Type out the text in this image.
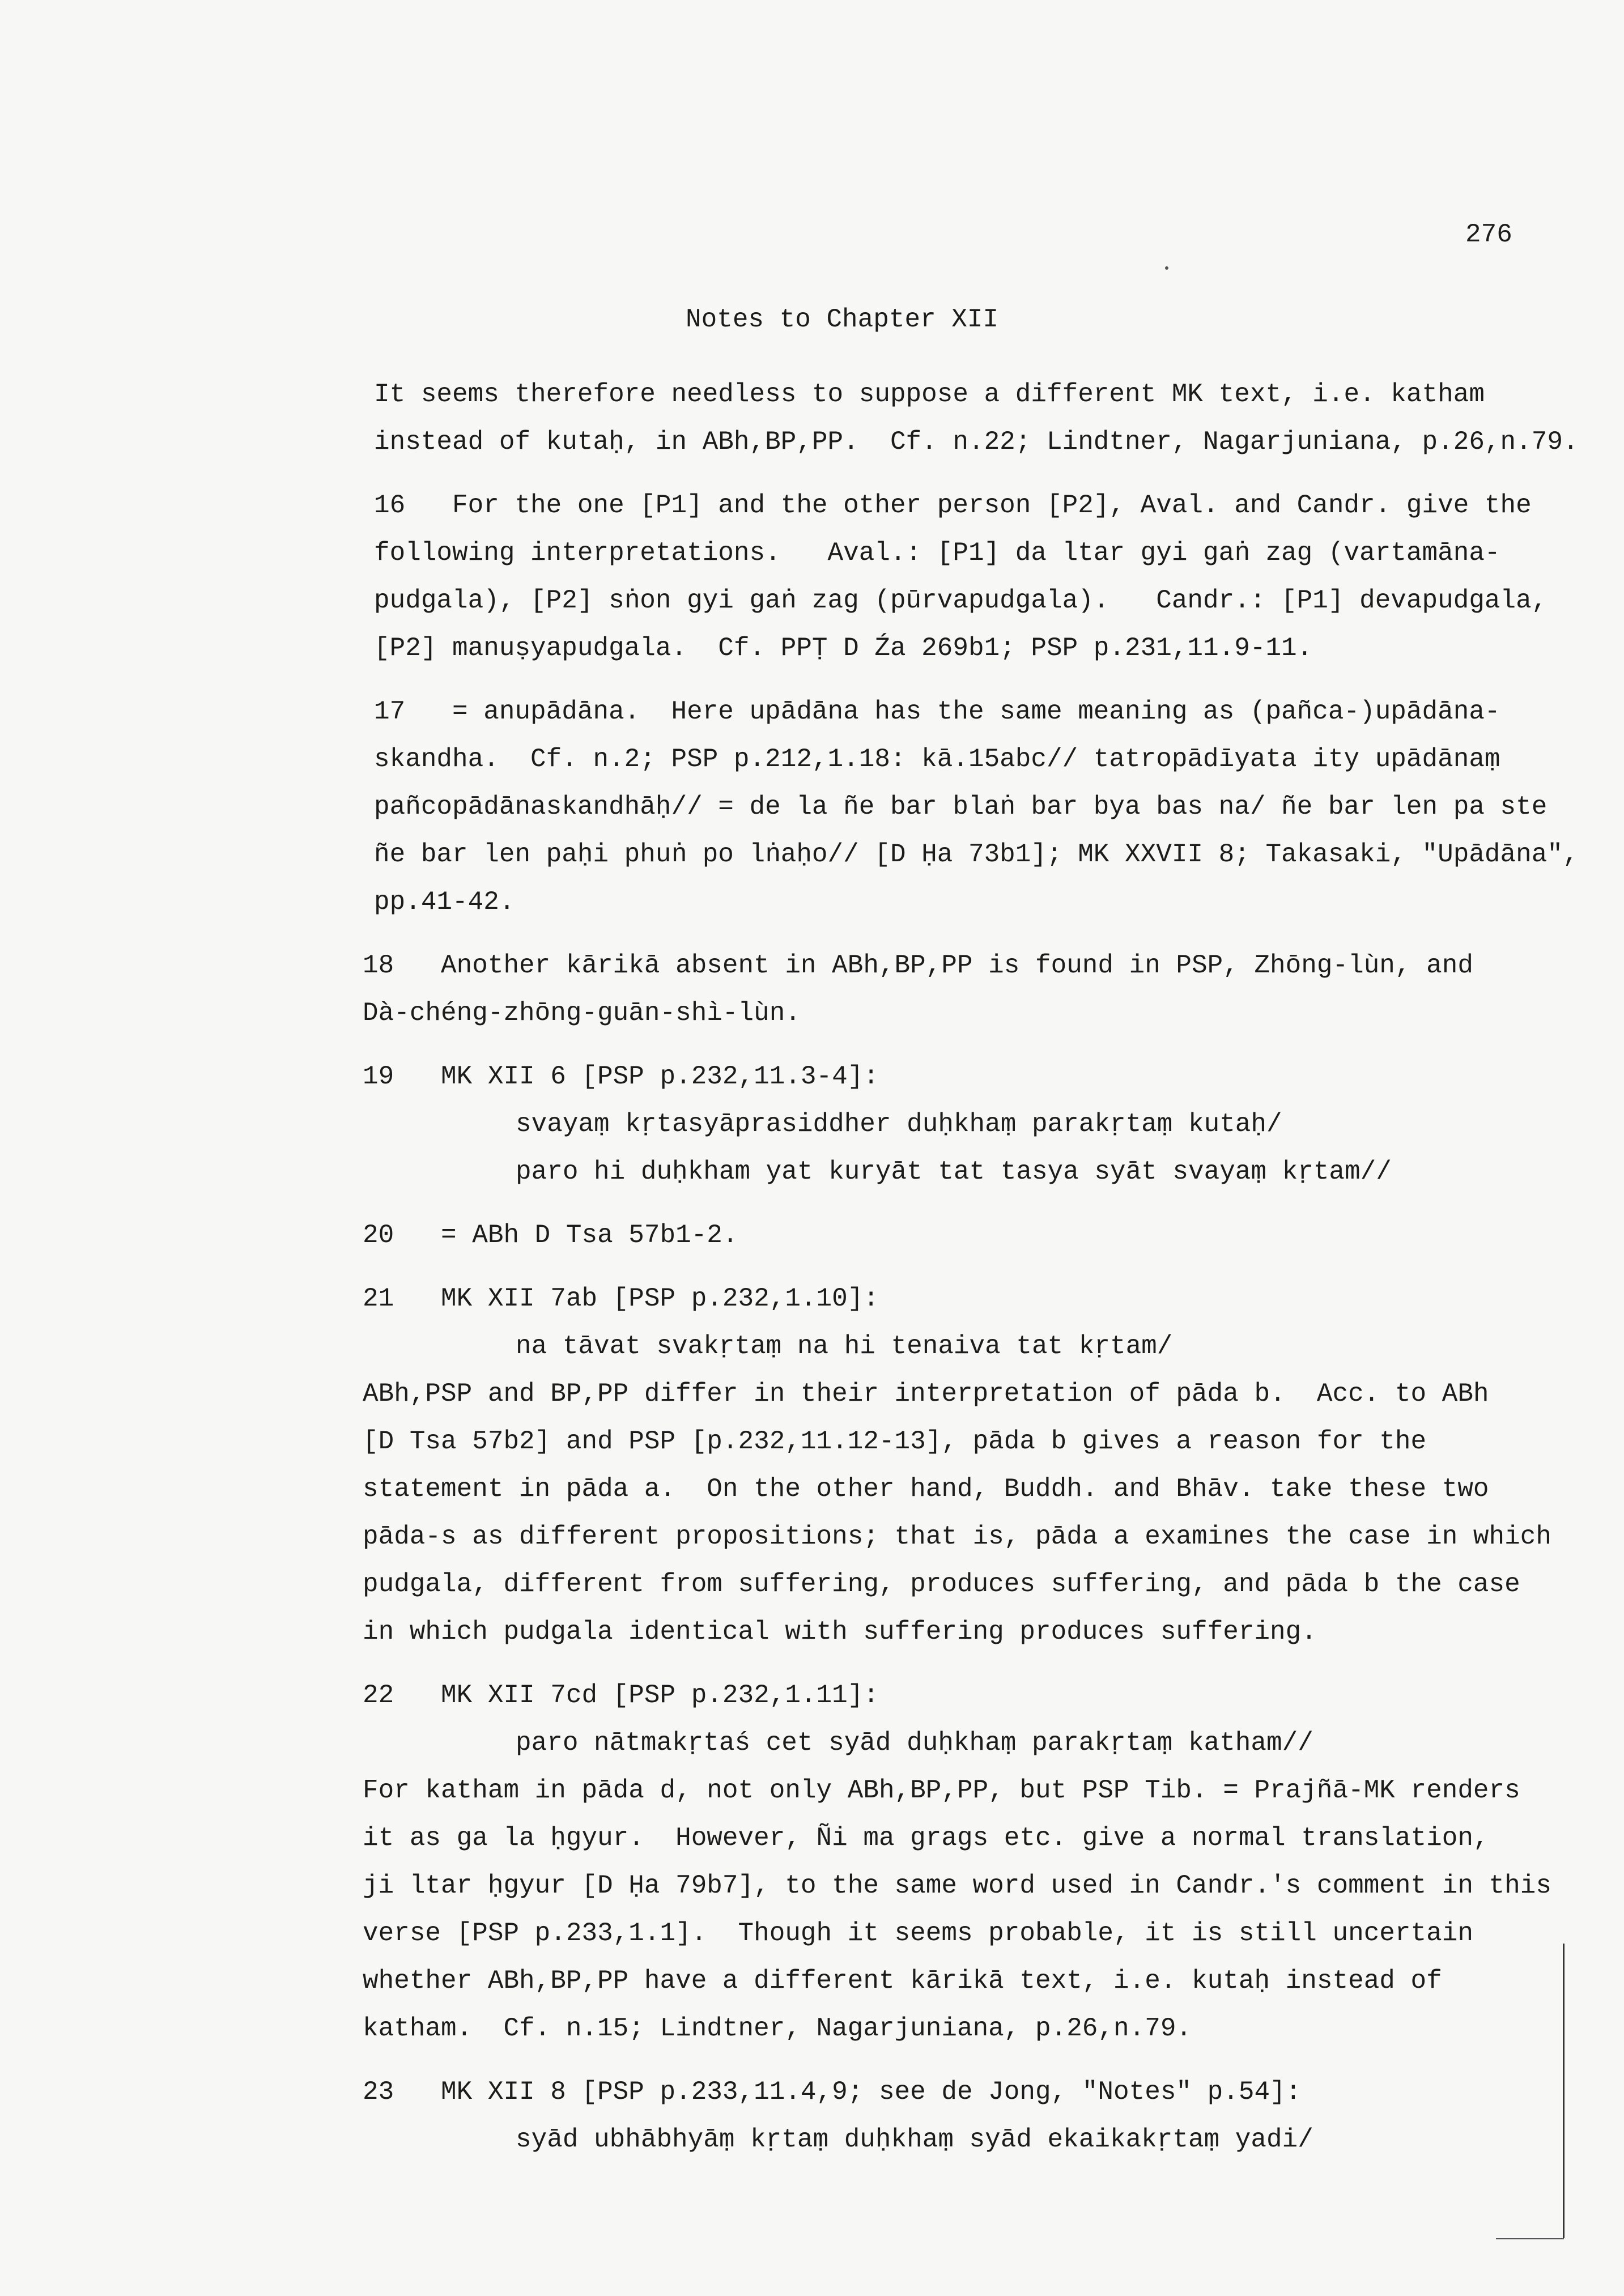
276
Notes to Chapter XII
It seems therefore needless to suppose a different MK text, i.e. katham
instead of kutaḥ, in ABh,BP,PP.  Cf. n.22; Lindtner, Nagarjuniana, p.26,n.79.
16   For the one [P1] and the other person [P2], Aval. and Candr. give the
following interpretations.   Aval.: [P1] da ltar gyi gaṅ zag (vartamāna-
pudgala), [P2] sṅon gyi gaṅ zag (pūrvapudgala).   Candr.: [P1] devapudgala,
[P2] manuṣyapudgala.  Cf. PPṬ D Źa 269b1; PSP p.231,11.9-11.
17   = anupādāna.  Here upādāna has the same meaning as (pañca-)upādāna-
skandha.  Cf. n.2; PSP p.212,1.18: kā.15abc// tatropādīyata ity upādānaṃ
pañcopādānaskandhāḥ// = de la ñe bar blaṅ bar bya bas na/ ñe bar len pa ste
ñe bar len paḥi phuṅ po lṅaḥo// [D Ḥa 73b1]; MK XXVII 8; Takasaki, "Upādāna",
pp.41-42.
18   Another kārikā absent in ABh,BP,PP is found in PSP, Zhōng-lùn, and
Dà-chéng-zhōng-guān-shì-lùn.
19   MK XII 6 [PSP p.232,11.3-4]:
svayaṃ kṛtasyāprasiddher duḥkhaṃ parakṛtaṃ kutaḥ/
paro hi duḥkham yat kuryāt tat tasya syāt svayaṃ kṛtam//
20   = ABh D Tsa 57b1-2.
21   MK XII 7ab [PSP p.232,1.10]:
na tāvat svakṛtaṃ na hi tenaiva tat kṛtam/
ABh,PSP and BP,PP differ in their interpretation of pāda b.  Acc. to ABh
[D Tsa 57b2] and PSP [p.232,11.12-13], pāda b gives a reason for the
statement in pāda a.  On the other hand, Buddh. and Bhāv. take these two
pāda-s as different propositions; that is, pāda a examines the case in which
pudgala, different from suffering, produces suffering, and pāda b the case
in which pudgala identical with suffering produces suffering.
22   MK XII 7cd [PSP p.232,1.11]:
paro nātmakṛtaś cet syād duḥkhaṃ parakṛtaṃ katham//
For katham in pāda d, not only ABh,BP,PP, but PSP Tib. = Prajñā-MK renders
it as ga la ḥgyur.  However, Ñi ma grags etc. give a normal translation,
ji ltar ḥgyur [D Ḥa 79b7], to the same word used in Candr.'s comment in this
verse [PSP p.233,1.1].  Though it seems probable, it is still uncertain
whether ABh,BP,PP have a different kārikā text, i.e. kutaḥ instead of
katham.  Cf. n.15; Lindtner, Nagarjuniana, p.26,n.79.
23   MK XII 8 [PSP p.233,11.4,9; see de Jong, "Notes" p.54]:
syād ubhābhyāṃ kṛtaṃ duḥkhaṃ syād ekaikakṛtaṃ yadi/
